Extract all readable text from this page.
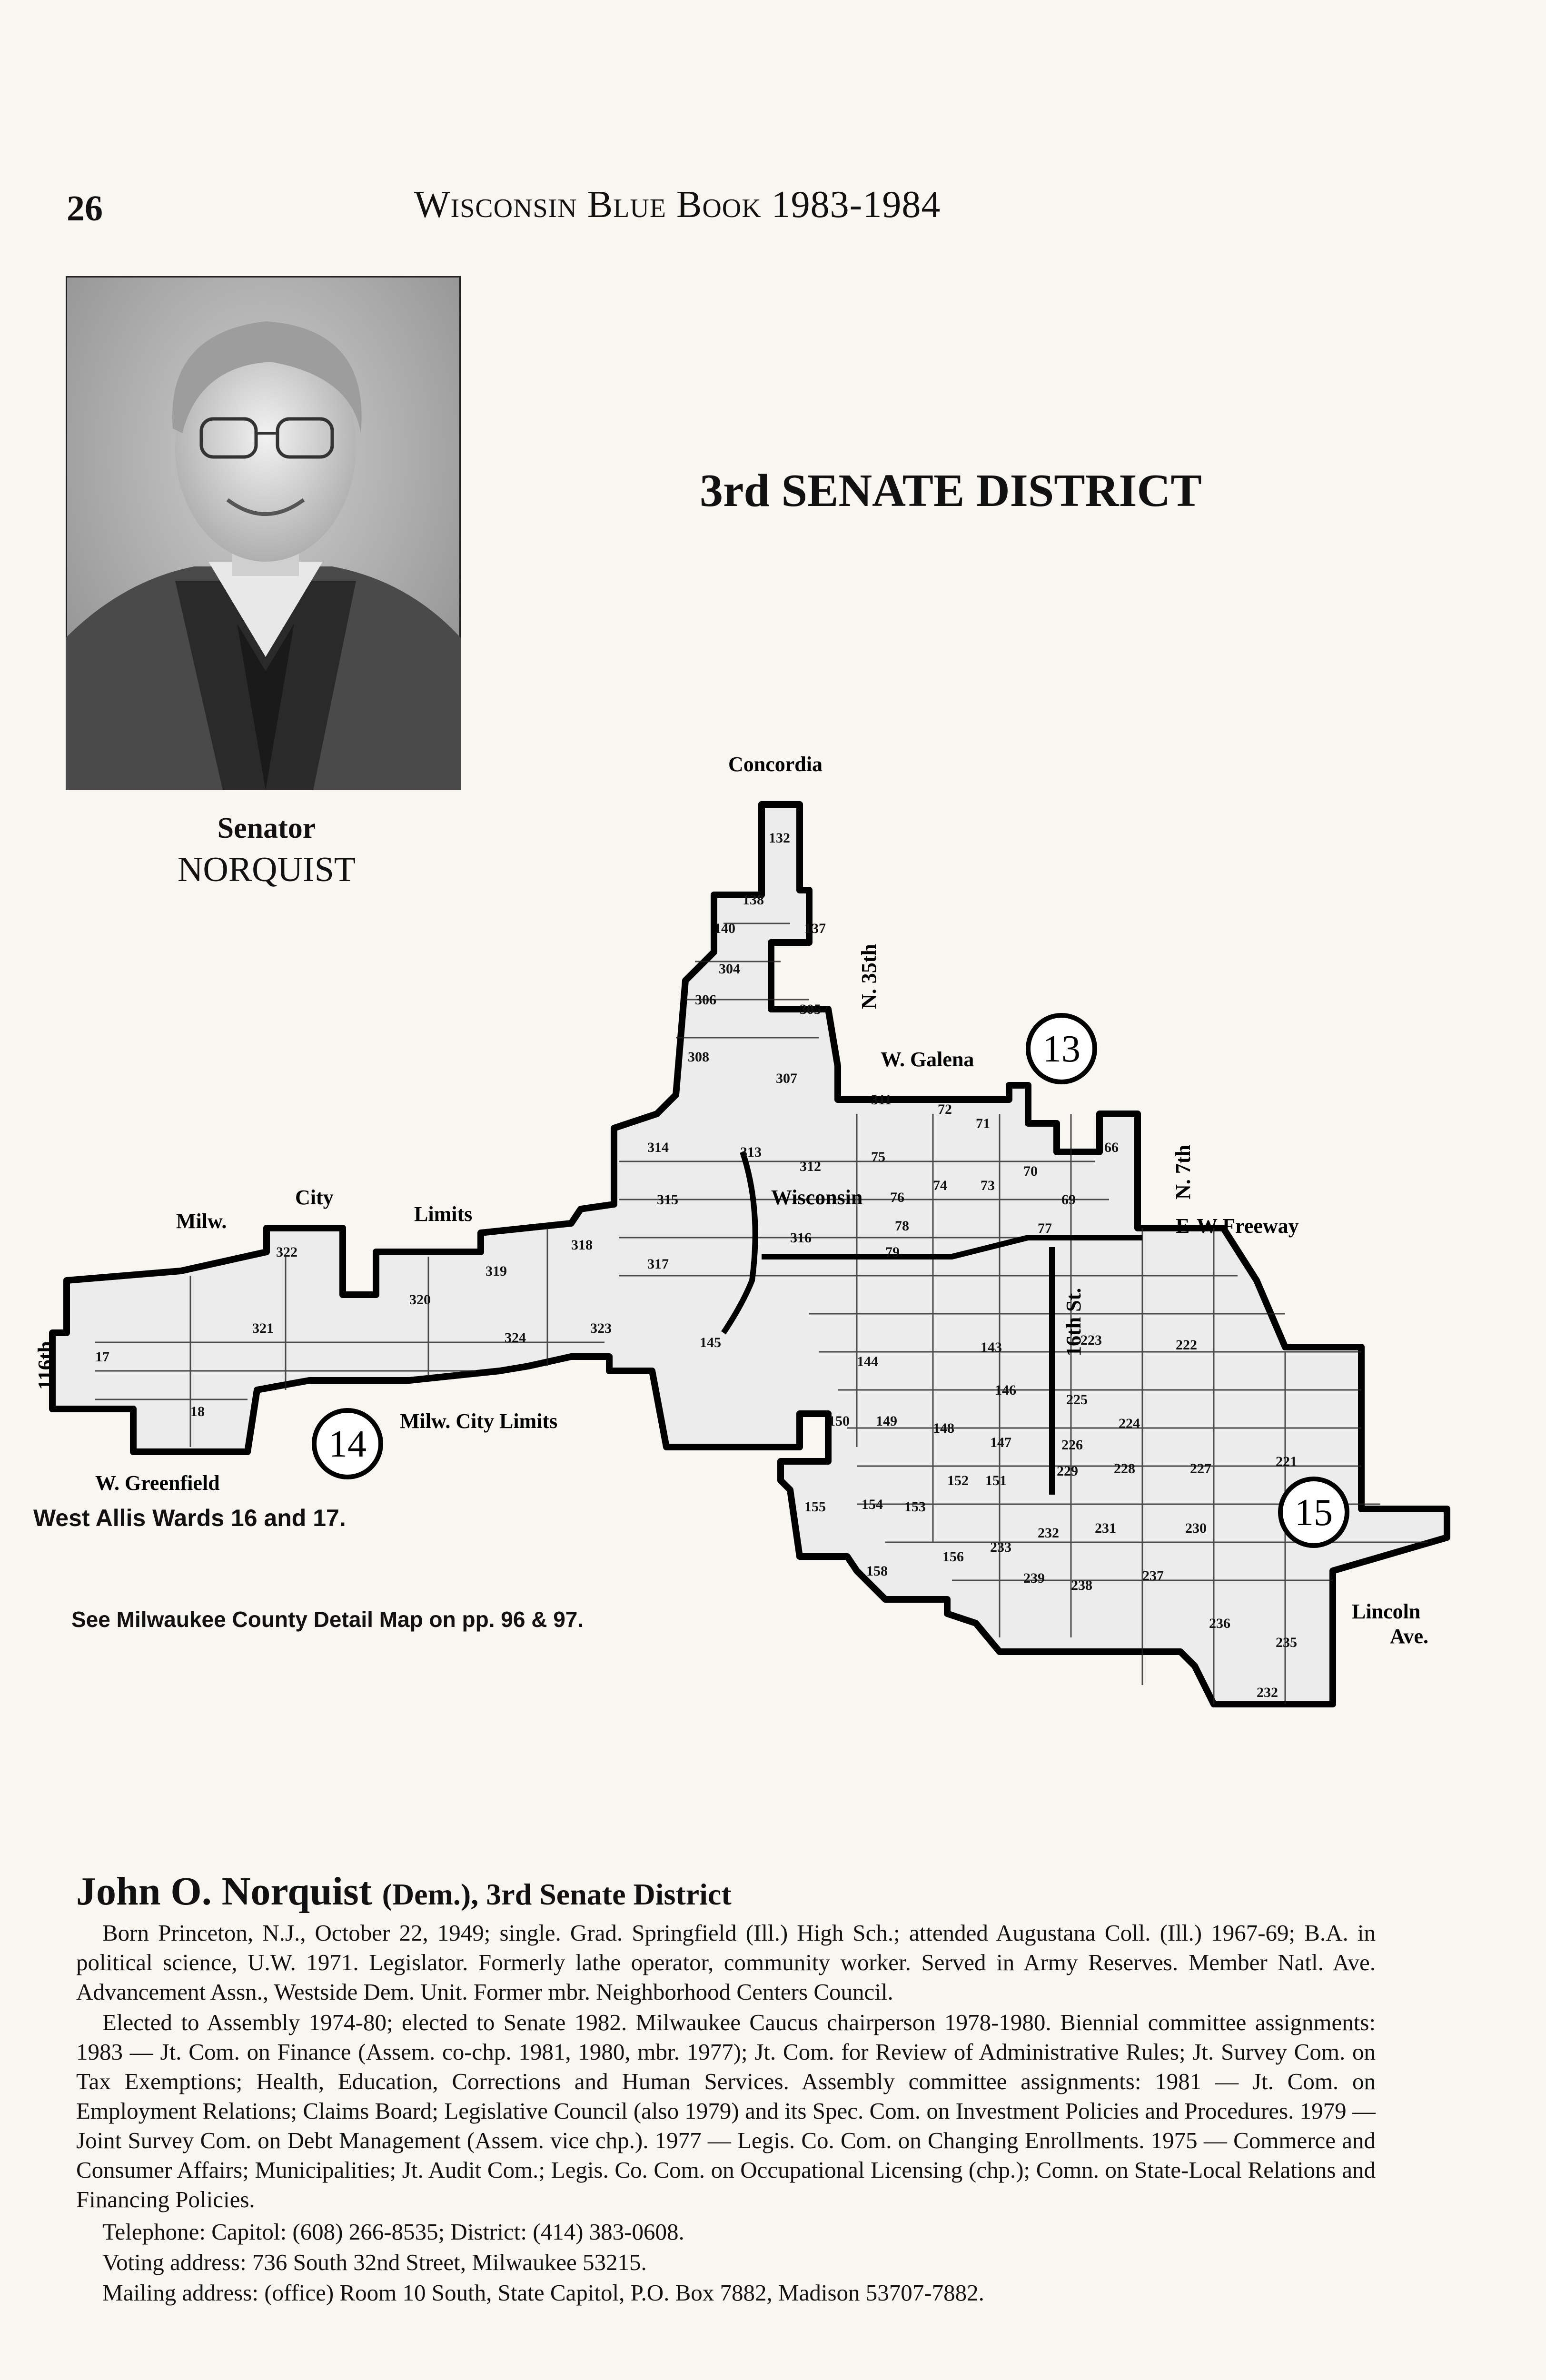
26	Wisconsin Blue Book 1983-1984
Senator
NORQUIST
3rd SENATE DISTRICT
13
14
15
Concordia
N. 35th
W. Galena
N. 7th
E-W Freeway
Wisconsin
16th St.
City
Milw.	Limits
Milw. City Limits
116th
W. Greenfield
Lincoln
Ave.
132
138
140	137
304
306
305
308
307
311
72
71
314	313
312
75
74 73
70
66
69
76
315
78	77
318	316
79
319	317
322
320
321
324
323
145
144
143
146
17
18
150 149	148
147
225
224
226
223	222
229	228	227	221
155	154 153
152 151
232
233
231	230
156
158	239 238
237
236
235
232
West Allis Wards 16 and 17.
See Milwaukee County Detail Map on pp. 96 & 97.
John O. Norquist (Dem.), 3rd Senate District

Born Princeton, N.J., October 22, 1949; single. Grad. Springfield (Ill.) High Sch.; attended Augustana Coll. (Ill.) 1967-69; B.A. in political science, U.W. 1971. Legislator. Formerly lathe operator, community worker. Served in Army Reserves. Member Natl. Ave. Advancement Assn., Westside Dem. Unit. Former mbr. Neighborhood Centers Council.

Elected to Assembly 1974-80; elected to Senate 1982. Milwaukee Caucus chairperson 1978-1980. Biennial committee assignments: 1983 — Jt. Com. on Finance (Assem. co-chp. 1981, 1980, mbr. 1977); Jt. Com. for Review of Administrative Rules; Jt. Survey Com. on Tax Exemptions; Health, Education, Corrections and Human Services. Assembly committee assignments: 1981 — Jt. Com. on Employment Relations; Claims Board; Legislative Council (also 1979) and its Spec. Com. on Investment Policies and Procedures. 1979 — Joint Survey Com. on Debt Management (Assem. vice chp.). 1977 — Legis. Co. Com. on Changing Enrollments. 1975 — Commerce and Consumer Affairs; Municipalities; Jt. Audit Com.; Legis. Co. Com. on Occupational Licensing (chp.); Comn. on State-Local Relations and Financing Policies.

Telephone: Capitol: (608) 266-8535; District: (414) 383-0608.

Voting address: 736 South 32nd Street, Milwaukee 53215.

Mailing address: (office) Room 10 South, State Capitol, P.O. Box 7882, Madison 53707-7882.
